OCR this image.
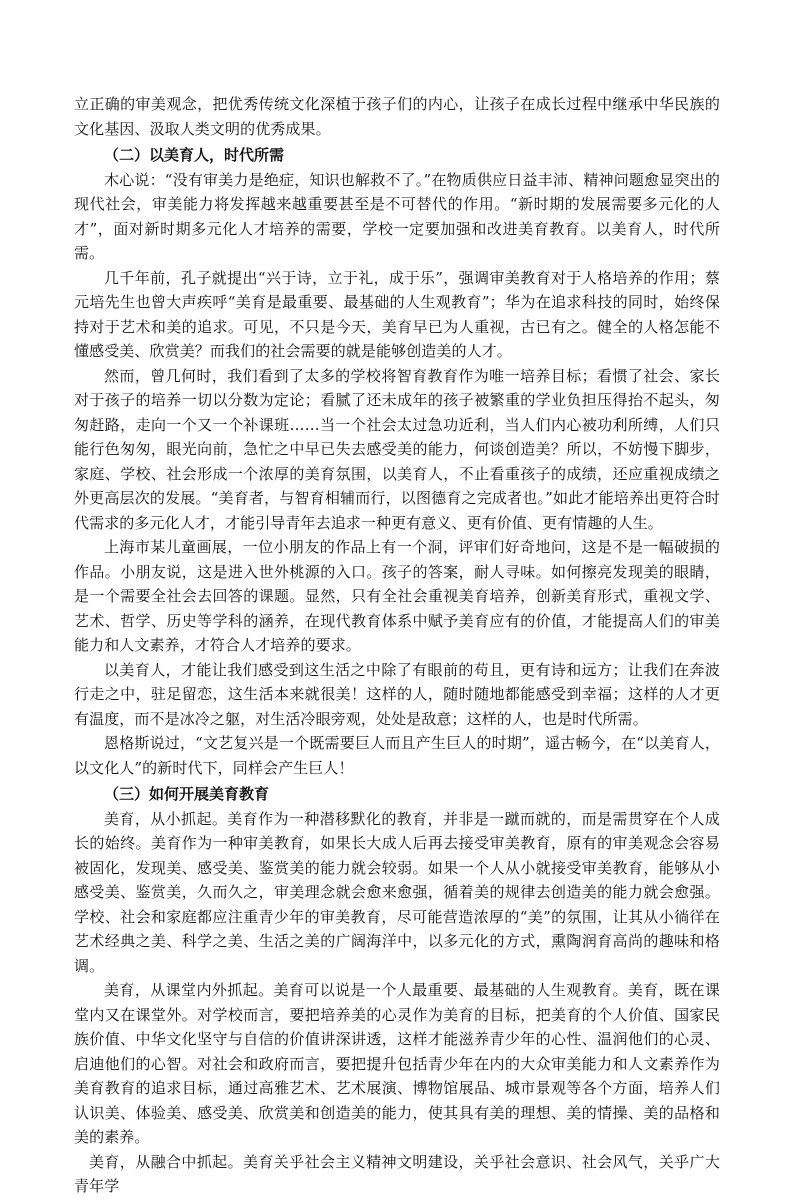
立正确的审美观念，把优秀传统文化深植于孩子们的内心，让孩子在成长过程中继承中华民族的文化基因、汲取人类文明的优秀成果。

（二）以美育人，时代所需

木心说：“没有审美力是绝症，知识也解救不了。”在物质供应日益丰沛、精神问题愈显突出的现代社会，审美能力将发挥越来越重要甚至是不可替代的作用。“新时期的发展需要多元化的人才”，面对新时期多元化人才培养的需要，学校一定要加强和改进美育教育。以美育人，时代所需。

几千年前，孔子就提出“兴于诗，立于礼，成于乐”，强调审美教育对于人格培养的作用；蔡元培先生也曾大声疾呼“美育是最重要、最基础的人生观教育”；华为在追求科技的同时，始终保持对于艺术和美的追求。可见，不只是今天，美育早已为人重视，古已有之。健全的人格怎能不懂感受美、欣赏美？而我们的社会需要的就是能够创造美的人才。

然而，曾几何时，我们看到了太多的学校将智育教育作为唯一培养目标；看惯了社会、家长对于孩子的培养一切以分数为定论；看腻了还未成年的孩子被繁重的学业负担压得抬不起头，匆匆赶路，走向一个又一个补课班……当一个社会太过急功近利，当人们内心被功利所缚，人们只能行色匆匆，眼光向前，急忙之中早已失去感受美的能力，何谈创造美？所以，不妨慢下脚步，家庭、学校、社会形成一个浓厚的美育氛围，以美育人，不止看重孩子的成绩，还应重视成绩之外更高层次的发展。“美育者，与智育相辅而行，以图德育之完成者也。”如此才能培养出更符合时代需求的多元化人才，才能引导青年去追求一种更有意义、更有价值、更有情趣的人生。

上海市某儿童画展，一位小朋友的作品上有一个洞，评审们好奇地问，这是不是一幅破损的作品。小朋友说，这是进入世外桃源的入口。孩子的答案，耐人寻味。如何擦亮发现美的眼睛，是一个需要全社会去回答的课题。显然，只有全社会重视美育培养，创新美育形式，重视文学、艺术、哲学、历史等学科的涵养，在现代教育体系中赋予美育应有的价值，才能提高人们的审美能力和人文素养，才符合人才培养的要求。

以美育人，才能让我们感受到这生活之中除了有眼前的苟且，更有诗和远方；让我们在奔波行走之中，驻足留恋，这生活本来就很美！这样的人，随时随地都能感受到幸福；这样的人才更有温度，而不是冰冷之躯，对生活冷眼旁观，处处是敌意；这样的人，也是时代所需。

恩格斯说过，“文艺复兴是一个既需要巨人而且产生巨人的时期”，遥古畅今，在“以美育人，以文化人”的新时代下，同样会产生巨人！

（三）如何开展美育教育

美育，从小抓起。美育作为一种潜移默化的教育，并非是一蹴而就的，而是需贯穿在个人成长的始终。美育作为一种审美教育，如果长大成人后再去接受审美教育，原有的审美观念会容易被固化，发现美、感受美、鉴赏美的能力就会较弱。如果一个人从小就接受审美教育，能够从小感受美、鉴赏美，久而久之，审美理念就会愈来愈强，循着美的规律去创造美的能力就会愈强。学校、社会和家庭都应注重青少年的审美教育，尽可能营造浓厚的“美”的氛围，让其从小徜徉在艺术经典之美、科学之美、生活之美的广阔海洋中，以多元化的方式，熏陶润育高尚的趣味和格调。

美育，从课堂内外抓起。美育可以说是一个人最重要、最基础的人生观教育。美育，既在课堂内又在课堂外。对学校而言，要把培养美的心灵作为美育的目标，把美育的个人价值、国家民族价值、中华文化坚守与自信的价值讲深讲透，这样才能滋养青少年的心性、温润他们的心灵、启迪他们的心智。对社会和政府而言，要把提升包括青少年在内的大众审美能力和人文素养作为美育教育的追求目标，通过高雅艺术、艺术展演、博物馆展品、城市景观等各个方面，培养人们认识美、体验美、感受美、欣赏美和创造美的能力，使其具有美的理想、美的情操、美的品格和美的素养。

美育，从融合中抓起。美育关乎社会主义精神文明建设，关乎社会意识、社会风气，关乎广大青年学
